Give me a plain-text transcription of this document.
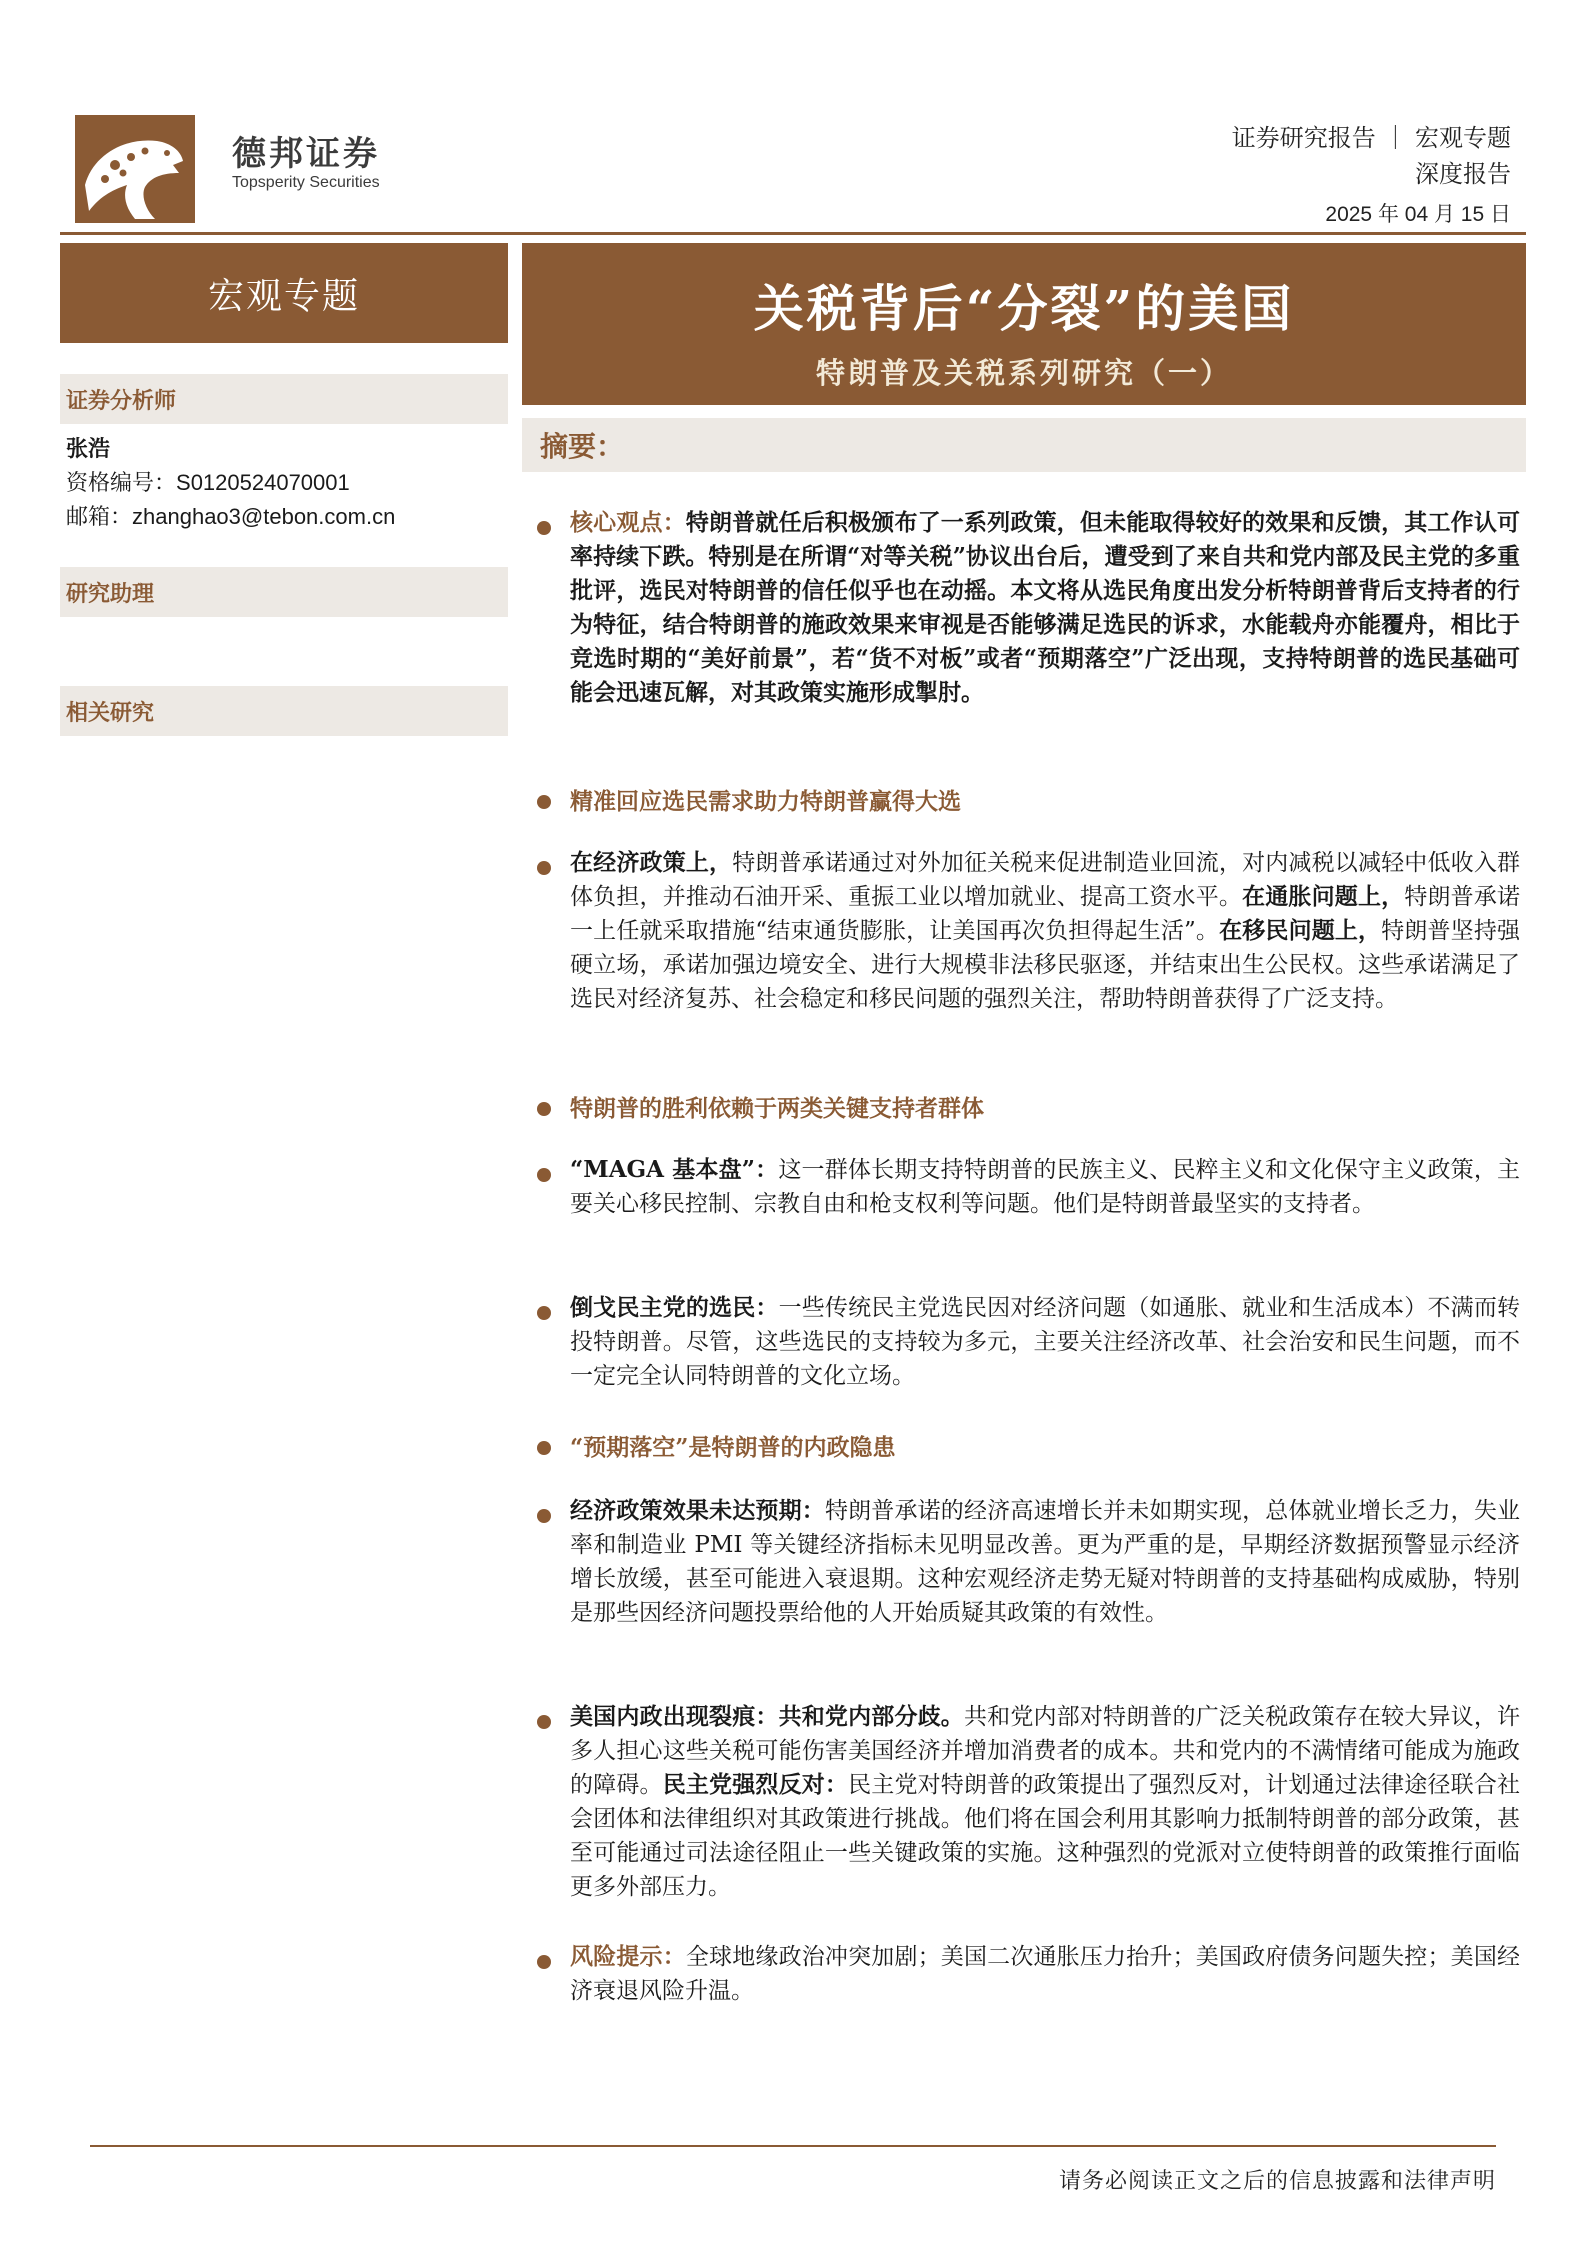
德邦证券
Topsperity Securities
证券研究报告 ｜ 宏观专题
深度报告
2025 年 04 月 15 日
宏观专题
证券分析师
张浩
资格编号：S0120524070001
邮箱：zhanghao3@tebon.com.cn
研究助理
相关研究
关税背后“分裂”的美国
特朗普及关税系列研究（一）
摘要：
核心观点：特朗普就任后积极颁布了一系列政策，但未能取得较好的效果和反馈，其工作认可率持续下跌。特别是在所谓“对等关税”协议出台后，遭受到了来自共和党内部及民主党的多重批评，选民对特朗普的信任似乎也在动摇。本文将从选民角度出发分析特朗普背后支持者的行为特征，结合特朗普的施政效果来审视是否能够满足选民的诉求，水能载舟亦能覆舟，相比于竞选时期的“美好前景”，若“货不对板”或者“预期落空”广泛出现，支持特朗普的选民基础可能会迅速瓦解，对其政策实施形成掣肘。
精准回应选民需求助力特朗普赢得大选
在经济政策上，特朗普承诺通过对外加征关税来促进制造业回流，对内减税以减轻中低收入群体负担，并推动石油开采、重振工业以增加就业、提高工资水平。在通胀问题上，特朗普承诺一上任就采取措施“结束通货膨胀，让美国再次负担得起生活”。在移民问题上，特朗普坚持强硬立场，承诺加强边境安全、进行大规模非法移民驱逐，并结束出生公民权。这些承诺满足了选民对经济复苏、社会稳定和移民问题的强烈关注，帮助特朗普获得了广泛支持。
特朗普的胜利依赖于两类关键支持者群体
“MAGA 基本盘”：这一群体长期支持特朗普的民族主义、民粹主义和文化保守主义政策，主要关心移民控制、宗教自由和枪支权利等问题。他们是特朗普最坚实的支持者。
倒戈民主党的选民：一些传统民主党选民因对经济问题（如通胀、就业和生活成本）不满而转投特朗普。尽管，这些选民的支持较为多元，主要关注经济改革、社会治安和民生问题，而不一定完全认同特朗普的文化立场。
“预期落空”是特朗普的内政隐患
经济政策效果未达预期：特朗普承诺的经济高速增长并未如期实现，总体就业增长乏力，失业率和制造业 PMI 等关键经济指标未见明显改善。更为严重的是，早期经济数据预警显示经济增长放缓，甚至可能进入衰退期。这种宏观经济走势无疑对特朗普的支持基础构成威胁，特别是那些因经济问题投票给他的人开始质疑其政策的有效性。
美国内政出现裂痕：共和党内部分歧。共和党内部对特朗普的广泛关税政策存在较大异议，许多人担心这些关税可能伤害美国经济并增加消费者的成本。共和党内的不满情绪可能成为施政的障碍。民主党强烈反对：民主党对特朗普的政策提出了强烈反对，计划通过法律途径联合社会团体和法律组织对其政策进行挑战。他们将在国会利用其影响力抵制特朗普的部分政策，甚至可能通过司法途径阻止一些关键政策的实施。这种强烈的党派对立使特朗普的政策推行面临更多外部压力。
风险提示：全球地缘政治冲突加剧；美国二次通胀压力抬升；美国政府债务问题失控；美国经济衰退风险升温。
请务必阅读正文之后的信息披露和法律声明
